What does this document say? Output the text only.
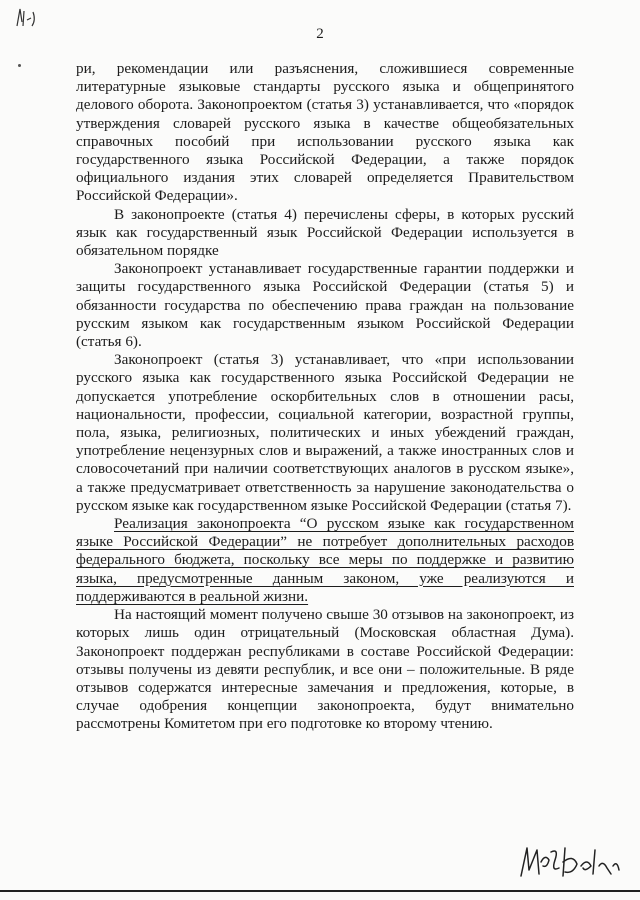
2

ри, рекомендации или разъяснения, сложившиеся современные литературные языковые стандарты русского языка и общепринятого делового оборота. Законопроектом (статья 3) устанавливается, что «порядок утверждения словарей русского языка в качестве общеобязательных справочных пособий при использовании русского языка как государственного языка Российской Федерации, а также порядок официального издания этих словарей определяется Правительством Российской Федерации».

В законопроекте (статья 4) перечислены сферы, в которых русский язык как государственный язык Российской Федерации используется в обязательном порядке

Законопроект устанавливает государственные гарантии поддержки и защиты государственного языка Российской Федерации (статья 5) и обязанности государства по обеспечению права граждан на пользование русским языком как государственным языком Российской Федерации (статья 6).

Законопроект (статья 3) устанавливает, что «при использовании русского языка как государственного языка Российской Федерации не допускается употребление оскорбительных слов в отношении расы, национальности, профессии, социальной категории, возрастной группы, пола, языка, религиозных, политических и иных убеждений граждан, употребление нецензурных слов и выражений, а также иностранных слов и словосочетаний при наличии соответствующих аналогов в русском языке», а также предусматривает ответственность за нарушение законодательства о русском языке как государственном языке Российской Федерации (статья 7).

Реализация законопроекта “О русском языке как государственном языке Российской Федерации” не потребует дополнительных расходов федерального бюджета, поскольку все меры по поддержке и развитию языка, предусмотренные данным законом, уже реализуются и поддерживаются в реальной жизни.

На настоящий момент получено свыше 30 отзывов на законопроект, из которых лишь один отрицательный (Московская областная Дума). Законопроект поддержан республиками в составе Российской Федерации: отзывы получены из девяти республик, и все они – положительные. В ряде отзывов содержатся интересные замечания и предложения, которые, в случае одобрения концепции законопроекта, будут внимательно рассмотрены Комитетом при его подготовке ко второму чтению.
